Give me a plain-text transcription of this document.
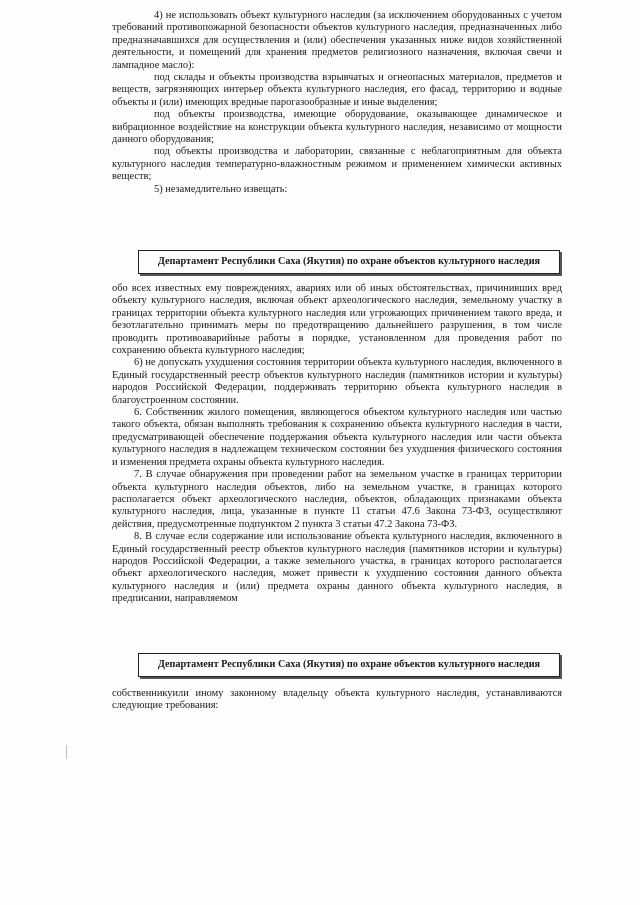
4) не использовать объект культурного наследия (за исключением оборудованных с учетом требований противопожарной безопасности объектов культурного наследия, предназначенных либо предназначавшихся для осуществления и (или) обеспечения указанных ниже видов хозяйственной деятельности, и помещений для хранения предметов религиозного назначения, включая свечи и лампадное масло):

под склады и объекты производства взрывчатых и огнеопасных материалов, предметов и веществ, загрязняющих интерьер объекта культурного наследия, его фасад, территорию и водные объекты и (или) имеющих вредные парогазообразные и иные выделения;

под объекты производства, имеющие оборудование, оказывающее динамическое и вибрационное воздействие на конструкции объекта культурного наследия, независимо от мощности данного оборудования;

под объекты производства и лаборатории, связанные с неблагоприятным для объекта культурного наследия температурно-влажностным режимом и применением химически активных веществ;

5) незамедлительно извещать:

Департамент Республики Саха (Якутия) по охране объектов культурного наследия

обо всех известных ему повреждениях, авариях или об иных обстоятельствах, причинивших вред объекту культурного наследия, включая объект археологического наследия, земельному участку в границах территории объекта культурного наследия или угрожающих причинением такого вреда, и безотлагательно принимать меры по предотвращению дальнейшего разрушения, в том числе проводить противоаварийные работы в порядке, установленном для проведения работ по сохранению объекта культурного наследия;

6) не допускать ухудшения состояния территории объекта культурного наследия, включенного в Единый государственный реестр объектов культурного наследия (памятников истории и культуры) народов Российской Федерации, поддерживать территорию объекта культурного наследия в благоустроенном состоянии.

6. Собственник жилого помещения, являющегося объектом культурного наследия или частью такого объекта, обязан выполнять требования к сохранению объекта культурного наследия в части, предусматривающей обеспечение поддержания объекта культурного наследия или части объекта культурного наследия в надлежащем техническом состоянии без ухудшения физического состояния и изменения предмета охраны объекта культурного наследия.

7. В случае обнаружения при проведении работ на земельном участке в границах территории объекта культурного наследия объектов, либо на земельном участке, в границах которого располагается объект археологического наследия, объектов, обладающих признаками объекта культурного наследия, лица, указанные в пункте 11 статьи 47.6 Закона 73-ФЗ, осуществляют действия, предусмотренные подпунктом 2 пункта 3 статьи 47.2 Закона 73-ФЗ.

8. В случае если содержание или использование объекта культурного наследия, включенного в Единый государственный реестр объектов культурного наследия (памятников истории и культуры) народов Российской Федерации, а также земельного участка, в границах которого располагается объект археологического наследия, может привести к ухудшению состояния данного объекта культурного наследия и (или) предмета охраны данного объекта культурного наследия, в предписании, направляемом

Департамент Республики Саха (Якутия) по охране объектов культурного наследия

собственникуили иному законному владельцу объекта культурного наследия, устанавливаются следующие требования:
